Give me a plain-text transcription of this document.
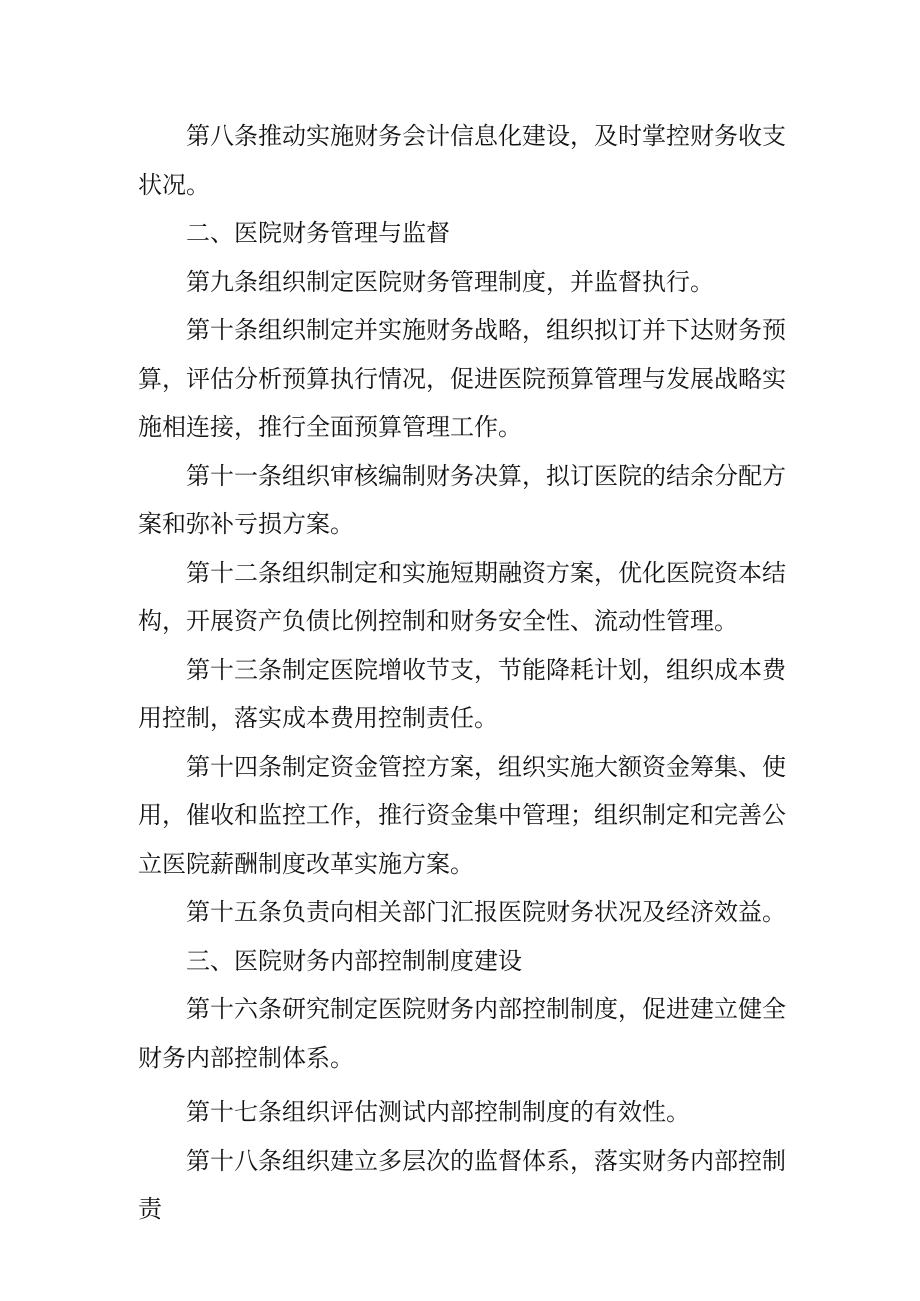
第八条推动实施财务会计信息化建设，及时掌控财务收支状况。

二、医院财务管理与监督

第九条组织制定医院财务管理制度，并监督执行。

第十条组织制定并实施财务战略，组织拟订并下达财务预算，评估分析预算执行情况，促进医院预算管理与发展战略实施相连接，推行全面预算管理工作。

第十一条组织审核编制财务决算，拟订医院的结余分配方案和弥补亏损方案。

第十二条组织制定和实施短期融资方案，优化医院资本结构，开展资产负债比例控制和财务安全性、流动性管理。

第十三条制定医院增收节支，节能降耗计划，组织成本费用控制，落实成本费用控制责任。

第十四条制定资金管控方案，组织实施大额资金筹集、使用，催收和监控工作，推行资金集中管理；组织制定和完善公立医院薪酬制度改革实施方案。

第十五条负责向相关部门汇报医院财务状况及经济效益。

三、医院财务内部控制制度建设

第十六条研究制定医院财务内部控制制度，促进建立健全财务内部控制体系。

第十七条组织评估测试内部控制制度的有效性。

第十八条组织建立多层次的监督体系，落实财务内部控制责
